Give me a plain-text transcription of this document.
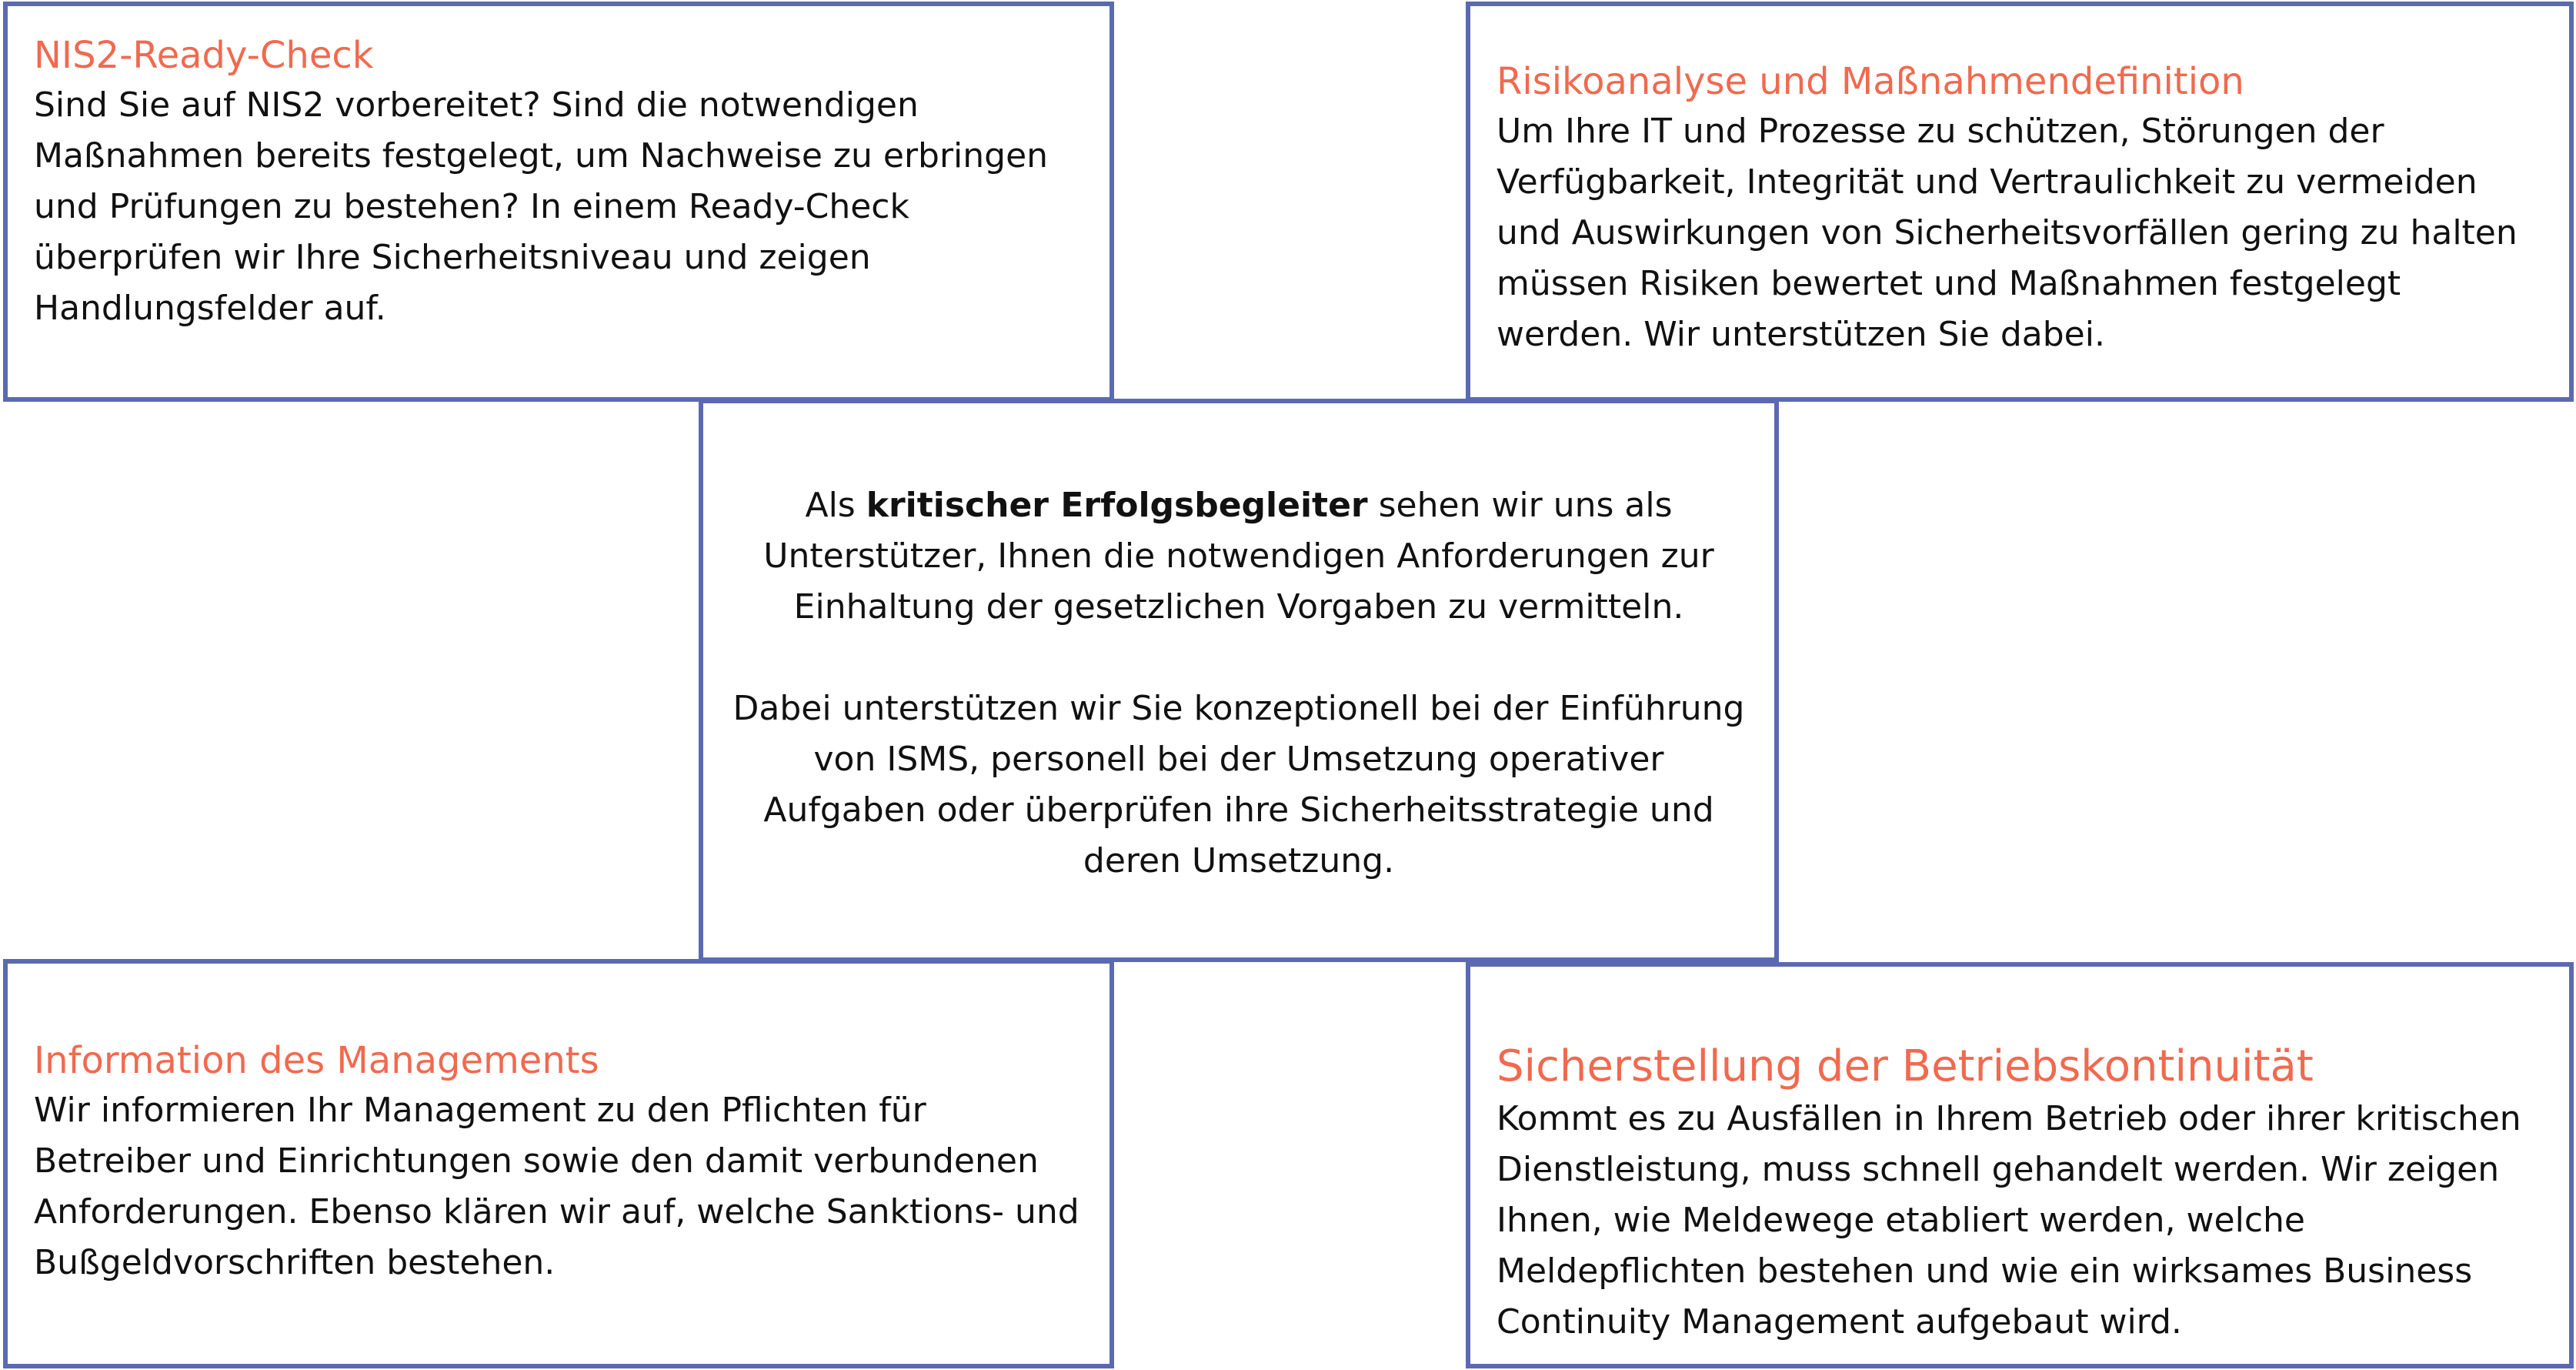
NIS2-Ready-Check

Sind Sie auf NIS2 vorbereitet? Sind die notwendigen
Maßnahmen bereits festgelegt, um Nachweise zu erbringen
und Prüfungen zu bestehen? In einem Ready-Check
überprüfen wir Ihre Sicherheitsniveau und zeigen
Handlungsfelder auf.

Risikoanalyse und Maßnahmendefinition

Um Ihre IT und Prozesse zu schützen, Störungen der
Verfügbarkeit, Integrität und Vertraulichkeit zu vermeiden
und Auswirkungen von Sicherheitsvorfällen gering zu halten
müssen Risiken bewertet und Maßnahmen festgelegt
werden. Wir unterstützen Sie dabei.

Als kritischer Erfolgsbegleiter sehen wir uns als
Unterstützer, Ihnen die notwendigen Anforderungen zur
Einhaltung der gesetzlichen Vorgaben zu vermitteln.

Dabei unterstützen wir Sie konzeptionell bei der Einführung
von ISMS, personell bei der Umsetzung operativer
Aufgaben oder überprüfen ihre Sicherheitsstrategie und
deren Umsetzung.

Information des Managements

Wir informieren Ihr Management zu den Pflichten für
Betreiber und Einrichtungen sowie den damit verbundenen
Anforderungen. Ebenso klären wir auf, welche Sanktions- und
Bußgeldvorschriften bestehen.

Sicherstellung der Betriebskontinuität

Kommt es zu Ausfällen in Ihrem Betrieb oder ihrer kritischen
Dienstleistung, muss schnell gehandelt werden. Wir zeigen
Ihnen, wie Meldewege etabliert werden, welche
Meldepflichten bestehen und wie ein wirksames Business
Continuity Management aufgebaut wird.
